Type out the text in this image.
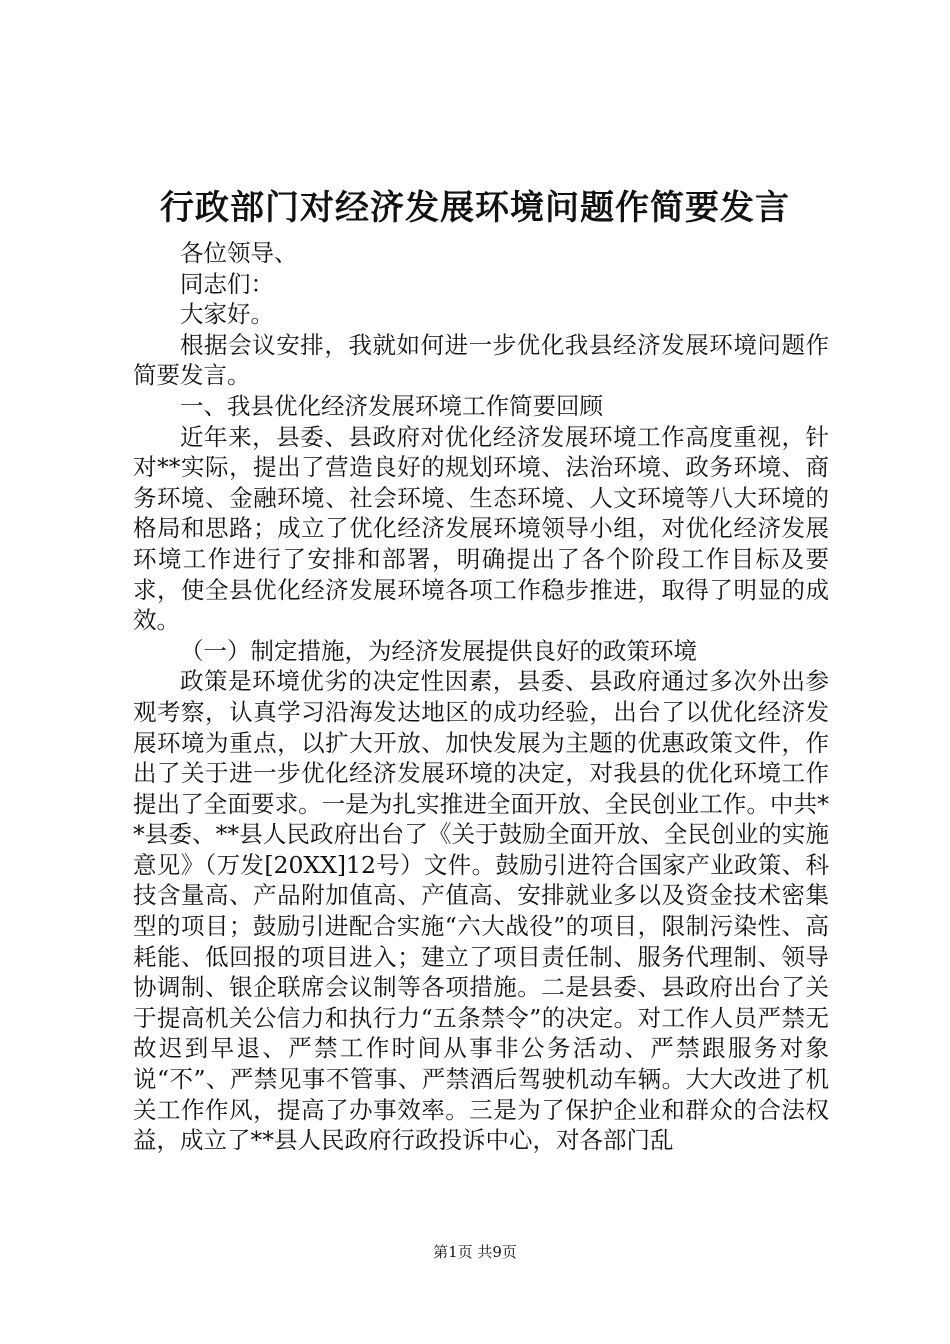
行政部门对经济发展环境问题作简要发言

各位领导、

同志们：

大家好。

根据会议安排，我就如何进一步优化我县经济发展环境问题作简要发言。

一、我县优化经济发展环境工作简要回顾

近年来，县委、县政府对优化经济发展环境工作高度重视，针对**实际，提出了营造良好的规划环境、法治环境、政务环境、商务环境、金融环境、社会环境、生态环境、人文环境等八大环境的格局和思路；成立了优化经济发展环境领导小组，对优化经济发展环境工作进行了安排和部署，明确提出了各个阶段工作目标及要求，使全县优化经济发展环境各项工作稳步推进，取得了明显的成效。

（一）制定措施，为经济发展提供良好的政策环境

政策是环境优劣的决定性因素，县委、县政府通过多次外出参观考察，认真学习沿海发达地区的成功经验，出台了以优化经济发展环境为重点，以扩大开放、加快发展为主题的优惠政策文件，作出了关于进一步优化经济发展环境的决定，对我县的优化环境工作提出了全面要求。一是为扎实推进全面开放、全民创业工作。中共**县委、**县人民政府出台了《关于鼓励全面开放、全民创业的实施意见》（万发[20XX]12号）文件。鼓励引进符合国家产业政策、科技含量高、产品附加值高、产值高、安排就业多以及资金技术密集型的项目；鼓励引进配合实施“六大战役”的项目，限制污染性、高耗能、低回报的项目进入；建立了项目责任制、服务代理制、领导协调制、银企联席会议制等各项措施。二是县委、县政府出台了关于提高机关公信力和执行力“五条禁令”的决定。对工作人员严禁无故迟到早退、严禁工作时间从事非公务活动、严禁跟服务对象说“不”、严禁见事不管事、严禁酒后驾驶机动车辆。大大改进了机关工作作风，提高了办事效率。三是为了保护企业和群众的合法权益，成立了**县人民政府行政投诉中心，对各部门乱

第1页 共9页
